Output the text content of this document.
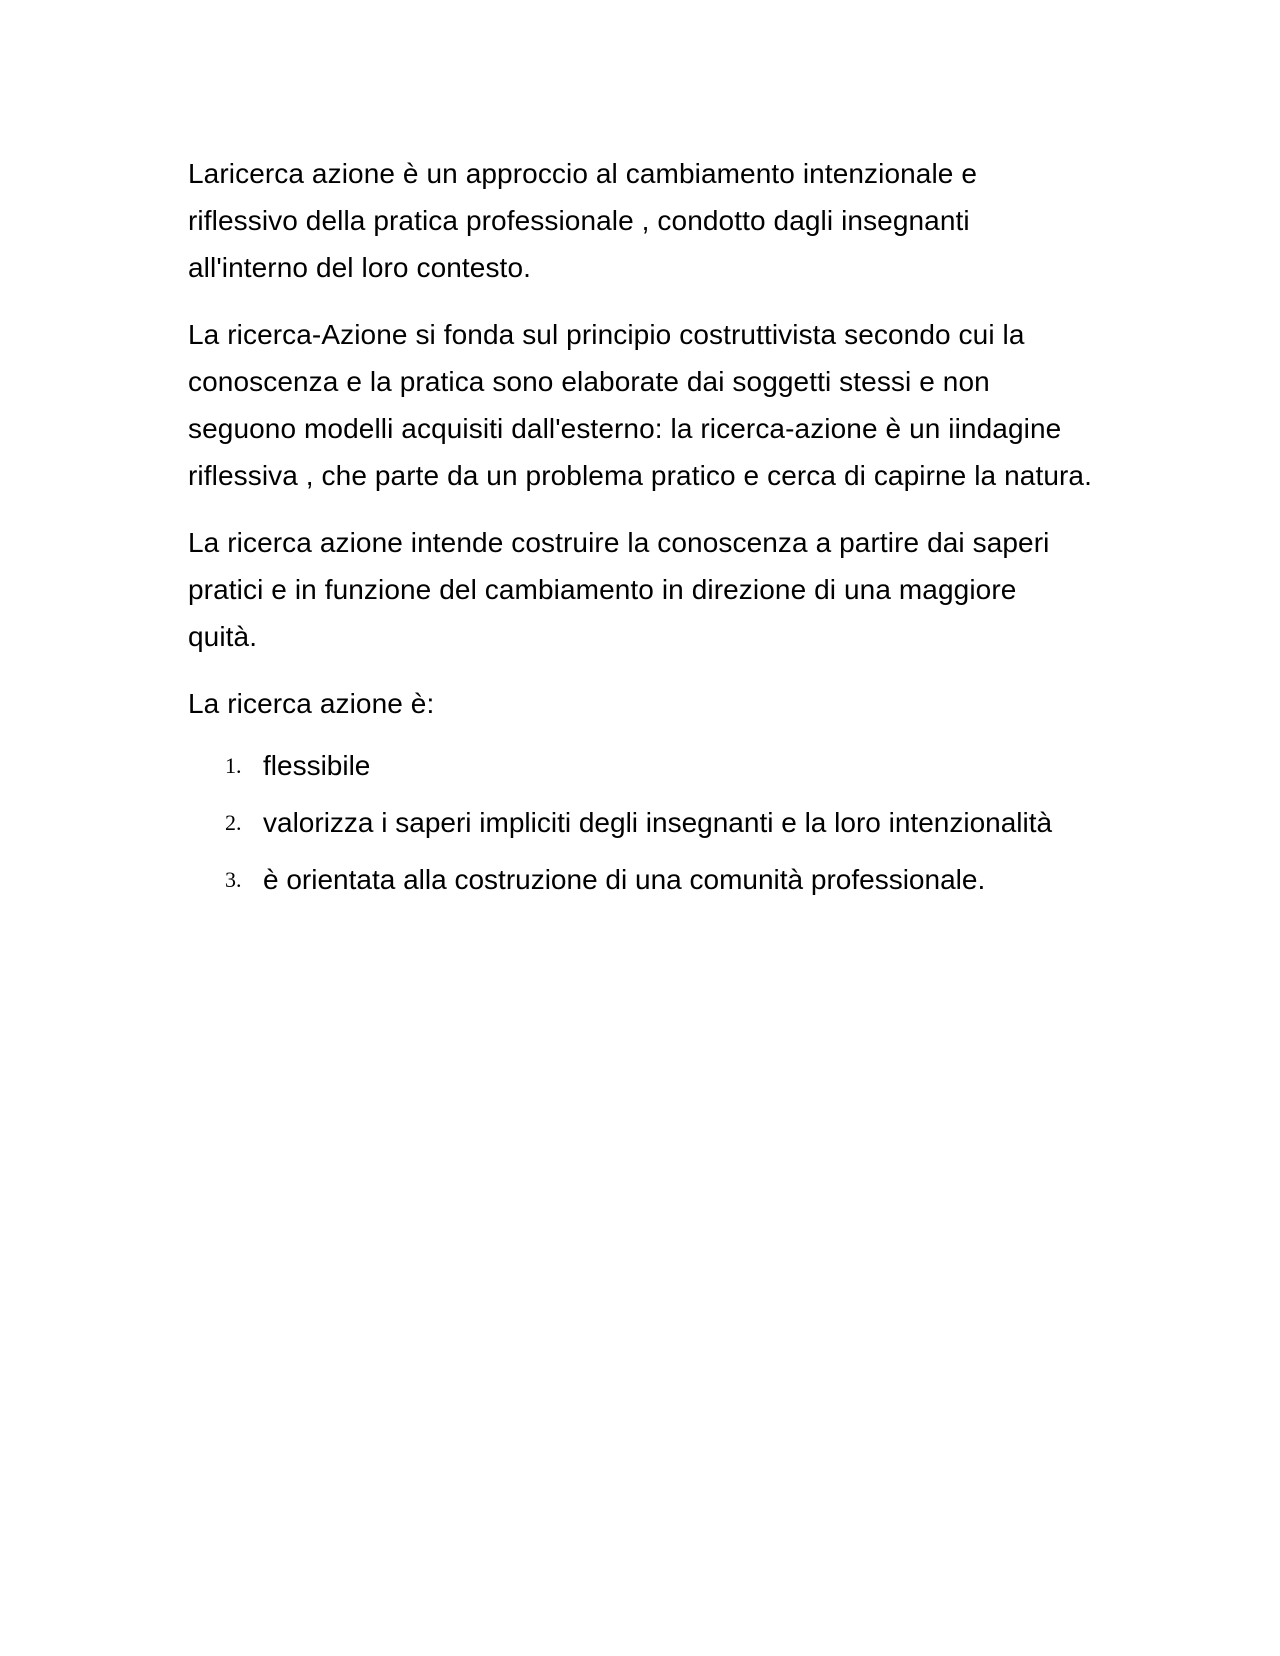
Laricerca azione è un approccio al cambiamento intenzionale e riflessivo della pratica professionale , condotto dagli insegnanti all'interno del loro contesto.

La ricerca-Azione si fonda sul principio costruttivista secondo cui la conoscenza e la pratica sono elaborate dai soggetti stessi e non seguono modelli acquisiti dall'esterno: la ricerca-azione è un iindagine riflessiva , che parte da un problema pratico e cerca di capirne la natura.

La ricerca azione intende costruire la conoscenza a partire dai saperi pratici e in funzione del cambiamento in direzione di una maggiore quità.

La ricerca azione è:

1. flessibile
2. valorizza i saperi impliciti degli insegnanti e la loro intenzionalità
3. è orientata alla costruzione di una comunità professionale.
